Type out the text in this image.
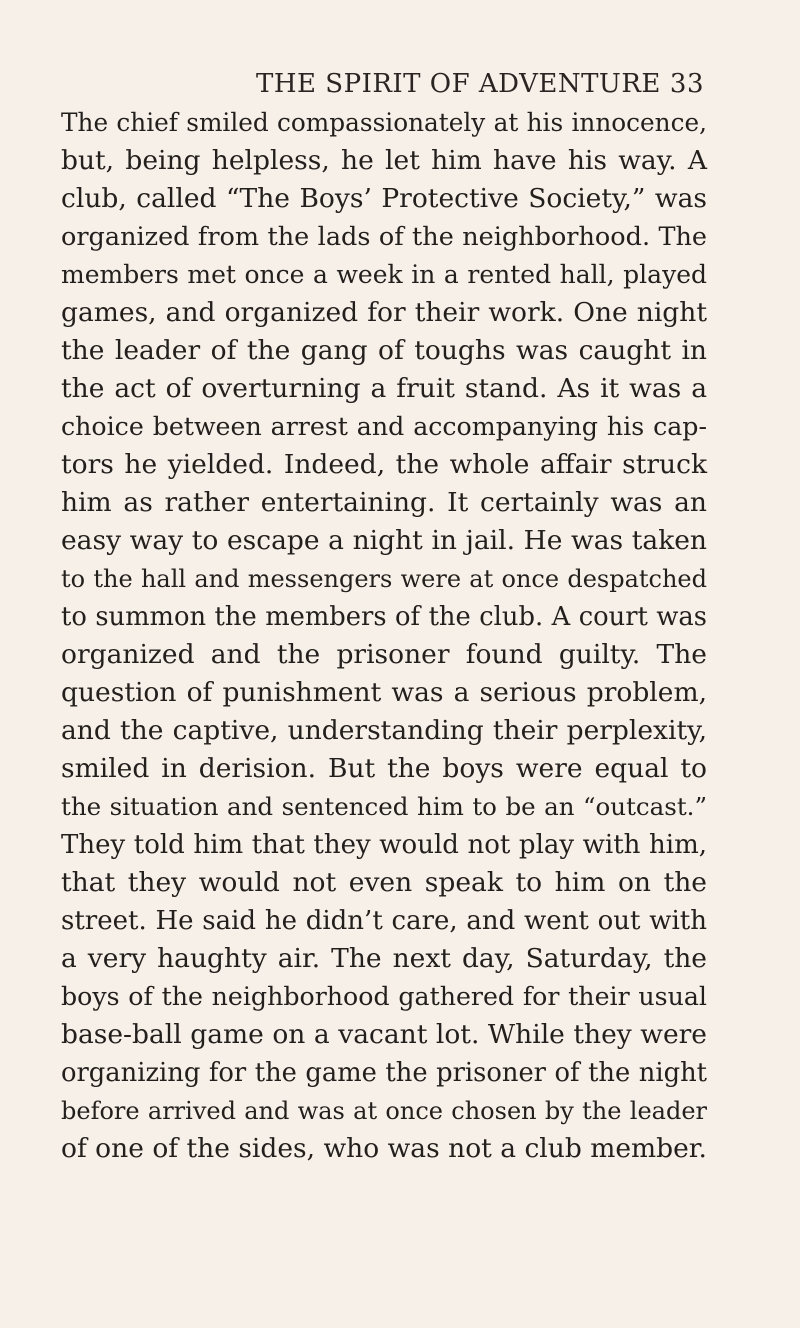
THE SPIRIT OF ADVENTURE 33
The chief smiled compassionately at his innocence,
but, being helpless, he let him have his way. A
club, called “The Boys’ Protective Society,” was
organized from the lads of the neighborhood. The
members met once a week in a rented hall, played
games, and organized for their work. One night
the leader of the gang of toughs was caught in
the act of overturning a fruit stand. As it was a
choice between arrest and accompanying his cap-
tors he yielded. Indeed, the whole affair struck
him as rather entertaining. It certainly was an
easy way to escape a night in jail. He was taken
to the hall and messengers were at once despatched
to summon the members of the club. A court was
organized and the prisoner found guilty. The
question of punishment was a serious problem,
and the captive, understanding their perplexity,
smiled in derision. But the boys were equal to
the situation and sentenced him to be an “outcast.”
They told him that they would not play with him,
that they would not even speak to him on the
street. He said he didn’t care, and went out with
a very haughty air. The next day, Saturday, the
boys of the neighborhood gathered for their usual
base-ball game on a vacant lot. While they were
organizing for the game the prisoner of the night
before arrived and was at once chosen by the leader
of one of the sides, who was not a club member.
